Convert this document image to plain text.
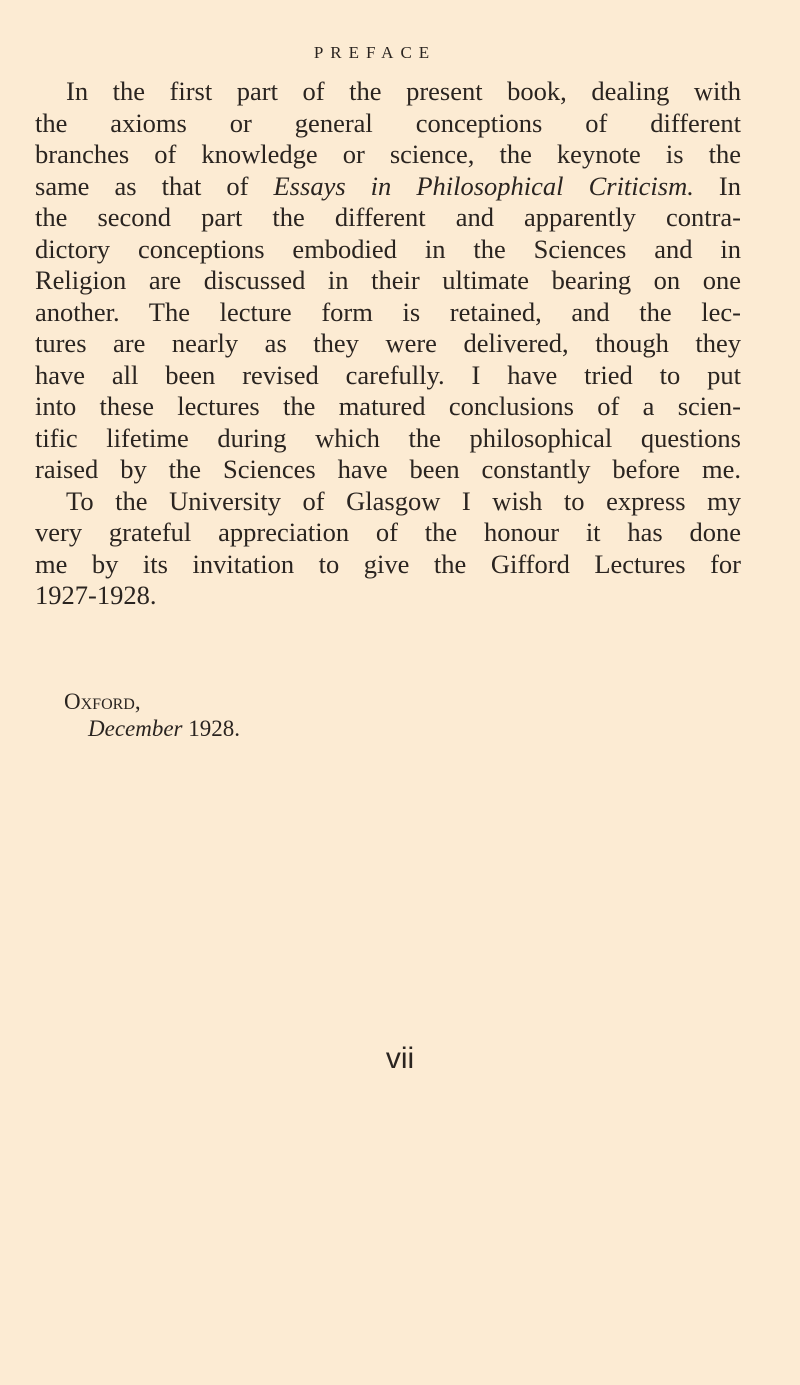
PREFACE
In the first part of the present book, dealing with
the axioms or general conceptions of different
branches of knowledge or science, the keynote is the
same as that of Essays in Philosophical Criticism. In
the second part the different and apparently contra-
dictory conceptions embodied in the Sciences and in
Religion are discussed in their ultimate bearing on one
another. The lecture form is retained, and the lec-
tures are nearly as they were delivered, though they
have all been revised carefully. I have tried to put
into these lectures the matured conclusions of a scien-
tific lifetime during which the philosophical questions
raised by the Sciences have been constantly before me.
To the University of Glasgow I wish to express my
very grateful appreciation of the honour it has done
me by its invitation to give the Gifford Lectures for
1927-1928.
Oxford,
December 1928.
vii
